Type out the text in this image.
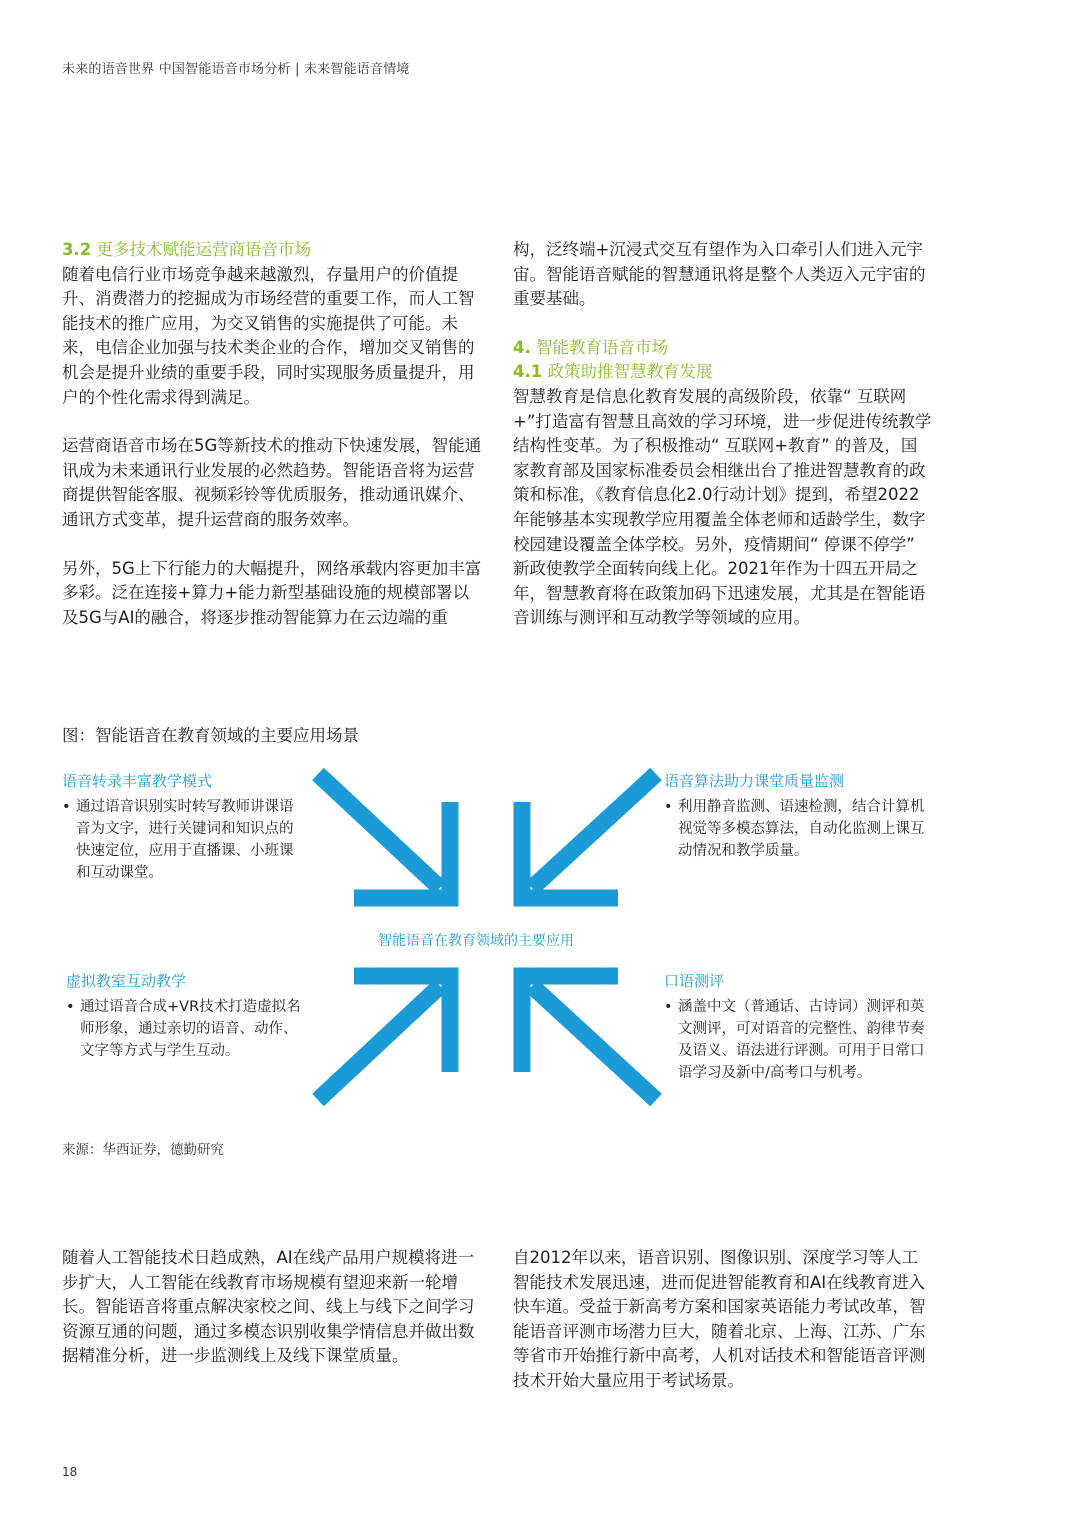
未来的语音世界 中国智能语音市场分析 | 未来智能语音情境
3.2 更多技术赋能运营商语音市场

随着电信行业市场竞争越来越激烈，存量用户的价值提升、消费潜力的挖掘成为市场经营的重要工作，而人工智能技术的推广应用，为交叉销售的实施提供了可能。未来，电信企业加强与技术类企业的合作，增加交叉销售的机会是提升业绩的重要手段，同时实现服务质量提升，用户的个性化需求得到满足。

运营商语音市场在5G等新技术的推动下快速发展，智能通讯成为未来通讯行业发展的必然趋势。智能语音将为运营商提供智能客服、视频彩铃等优质服务，推动通讯媒介、通讯方式变革，提升运营商的服务效率。

另外，5G上下行能力的大幅提升，网络承载内容更加丰富多彩。泛在连接+算力+能力新型基础设施的规模部署以及5G与AI的融合，将逐步推动智能算力在云边端的重

构，泛终端+沉浸式交互有望作为入口牵引人们进入元宇宙。智能语音赋能的智慧通讯将是整个人类迈入元宇宙的重要基础。

4. 智能教育语音市场
4.1 政策助推智慧教育发展

智慧教育是信息化教育发展的高级阶段，依靠“ 互联网+”打造富有智慧且高效的学习环境，进一步促进传统教学结构性变革。为了积极推动“ 互联网+教育” 的普及，国家教育部及国家标准委员会相继出台了推进智慧教育的政策和标准，《教育信息化2.0行动计划》提到，希望2022年能够基本实现教学应用覆盖全体老师和适龄学生，数字校园建设覆盖全体学校。另外，疫情期间“ 停课不停学” 新政使教学全面转向线上化。2021年作为十四五开局之年，智慧教育将在政策加码下迅速发展，尤其是在智能语音训练与测评和互动教学等领域的应用。

图：智能语音在教育领域的主要应用场景
智能语音在教育领域的主要应用
语音转录丰富教学模式
• 通过语音识别实时转写教师讲课语音为文字，进行关键词和知识点的快速定位，应用于直播课、小班课和互动课堂。
语音算法助力课堂质量监测
• 利用静音监测、语速检测，结合计算机视觉等多模态算法，自动化监测上课互动情况和教学质量。
虚拟教室互动教学
• 通过语音合成+VR技术打造虚拟名师形象，通过亲切的语音、动作、文字等方式与学生互动。
口语测评
• 涵盖中文（普通话、古诗词）测评和英文测评，可对语音的完整性、韵律节奏及语义、语法进行评测。可用于日常口语学习及新中/高考口与机考。
来源：华西证券，德勤研究

随着人工智能技术日趋成熟，AI在线产品用户规模将进一步扩大，人工智能在线教育市场规模有望迎来新一轮增长。智能语音将重点解决家校之间、线上与线下之间学习资源互通的问题，通过多模态识别收集学情信息并做出数据精准分析，进一步监测线上及线下课堂质量。

自2012年以来，语音识别、图像识别、深度学习等人工智能技术发展迅速，进而促进智能教育和AI在线教育进入快车道。受益于新高考方案和国家英语能力考试改革，智能语音评测市场潜力巨大，随着北京、上海、江苏、广东等省市开始推行新中高考，人机对话技术和智能语音评测技术开始大量应用于考试场景。

18
